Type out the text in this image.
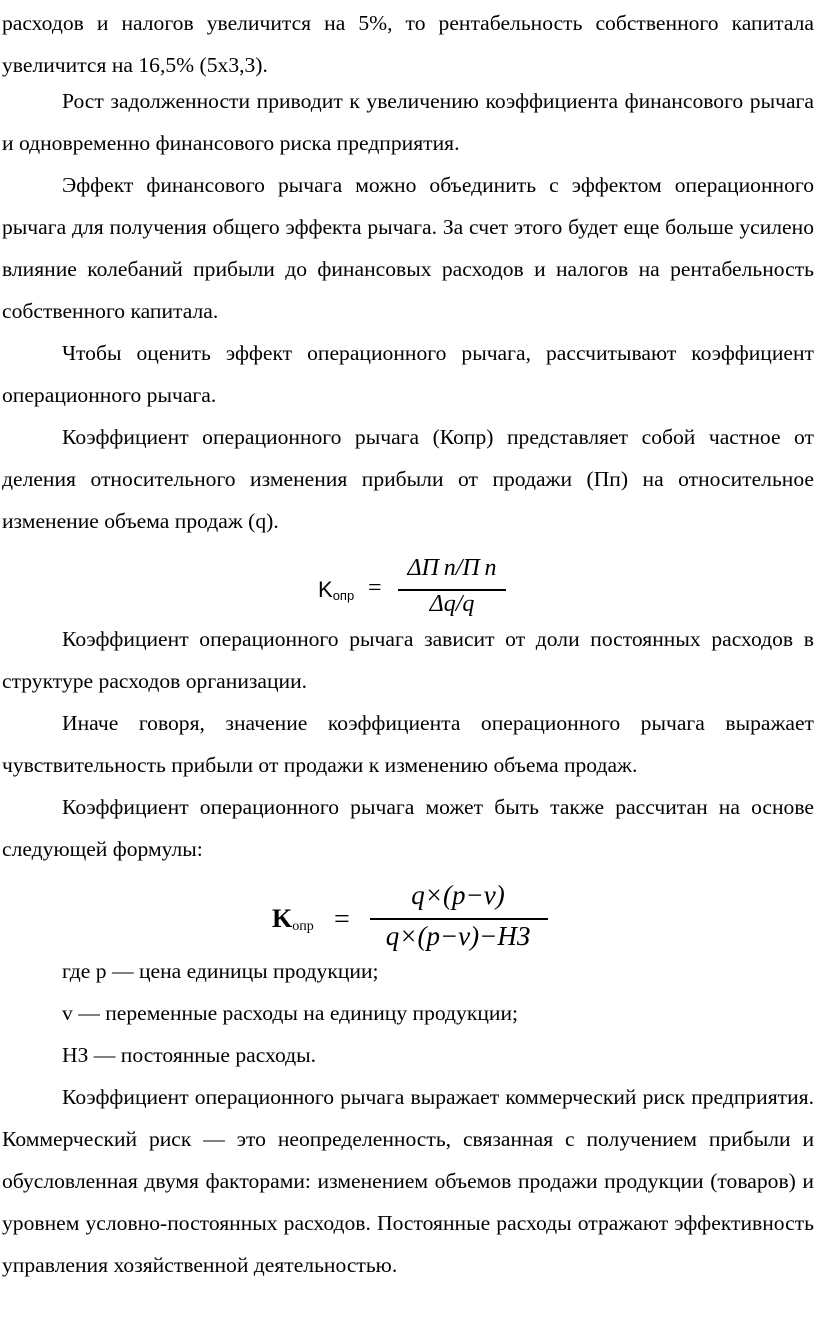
расходов и налогов увеличится на 5%, то рентабельность собственного капитала увеличится на 16,5% (5х3,3).

Рост задолженности приводит к увеличению коэффициента финансового рычага и одновременно финансового риска предприятия.

Эффект финансового рычага можно объединить с эффектом операционного рычага для получения общего эффекта рычага. За счет этого будет еще больше усилено влияние колебаний прибыли до финансовых расходов и налогов на рентабельность собственного капитала.

Чтобы оценить эффект операционного рычага, рассчитывают коэффициент операционного рычага.

Коэффициент операционного рычага (Копр) представляет собой частное от деления относительного изменения прибыли от продажи (Пп) на относительное изменение объема продаж (q).

$K_{опр}$ =
ΔП п/П п
Δq/q

Коэффициент операционного рычага зависит от доли постоянных расходов в структуре расходов организации.

Иначе говоря, значение коэффициента операционного рычага выражает чувствительность прибыли от продажи к изменению объема продаж.

Коэффициент операционного рычага может быть также рассчитан на основе следующей формулы:

$K_{опр}$ =
q×(p−v)
q×(p−v)−НЗ

где р — цена единицы продукции;

v — переменные расходы на единицу продукции;

НЗ — постоянные расходы.

Коэффициент операционного рычага выражает коммерческий риск предприятия. Коммерческий риск — это неопределенность, связанная с получением прибыли и обусловленная двумя факторами: изменением объемов продажи продукции (товаров) и уровнем условно-постоянных расходов. Постоянные расходы отражают эффективность управления хозяйственной деятельностью.
